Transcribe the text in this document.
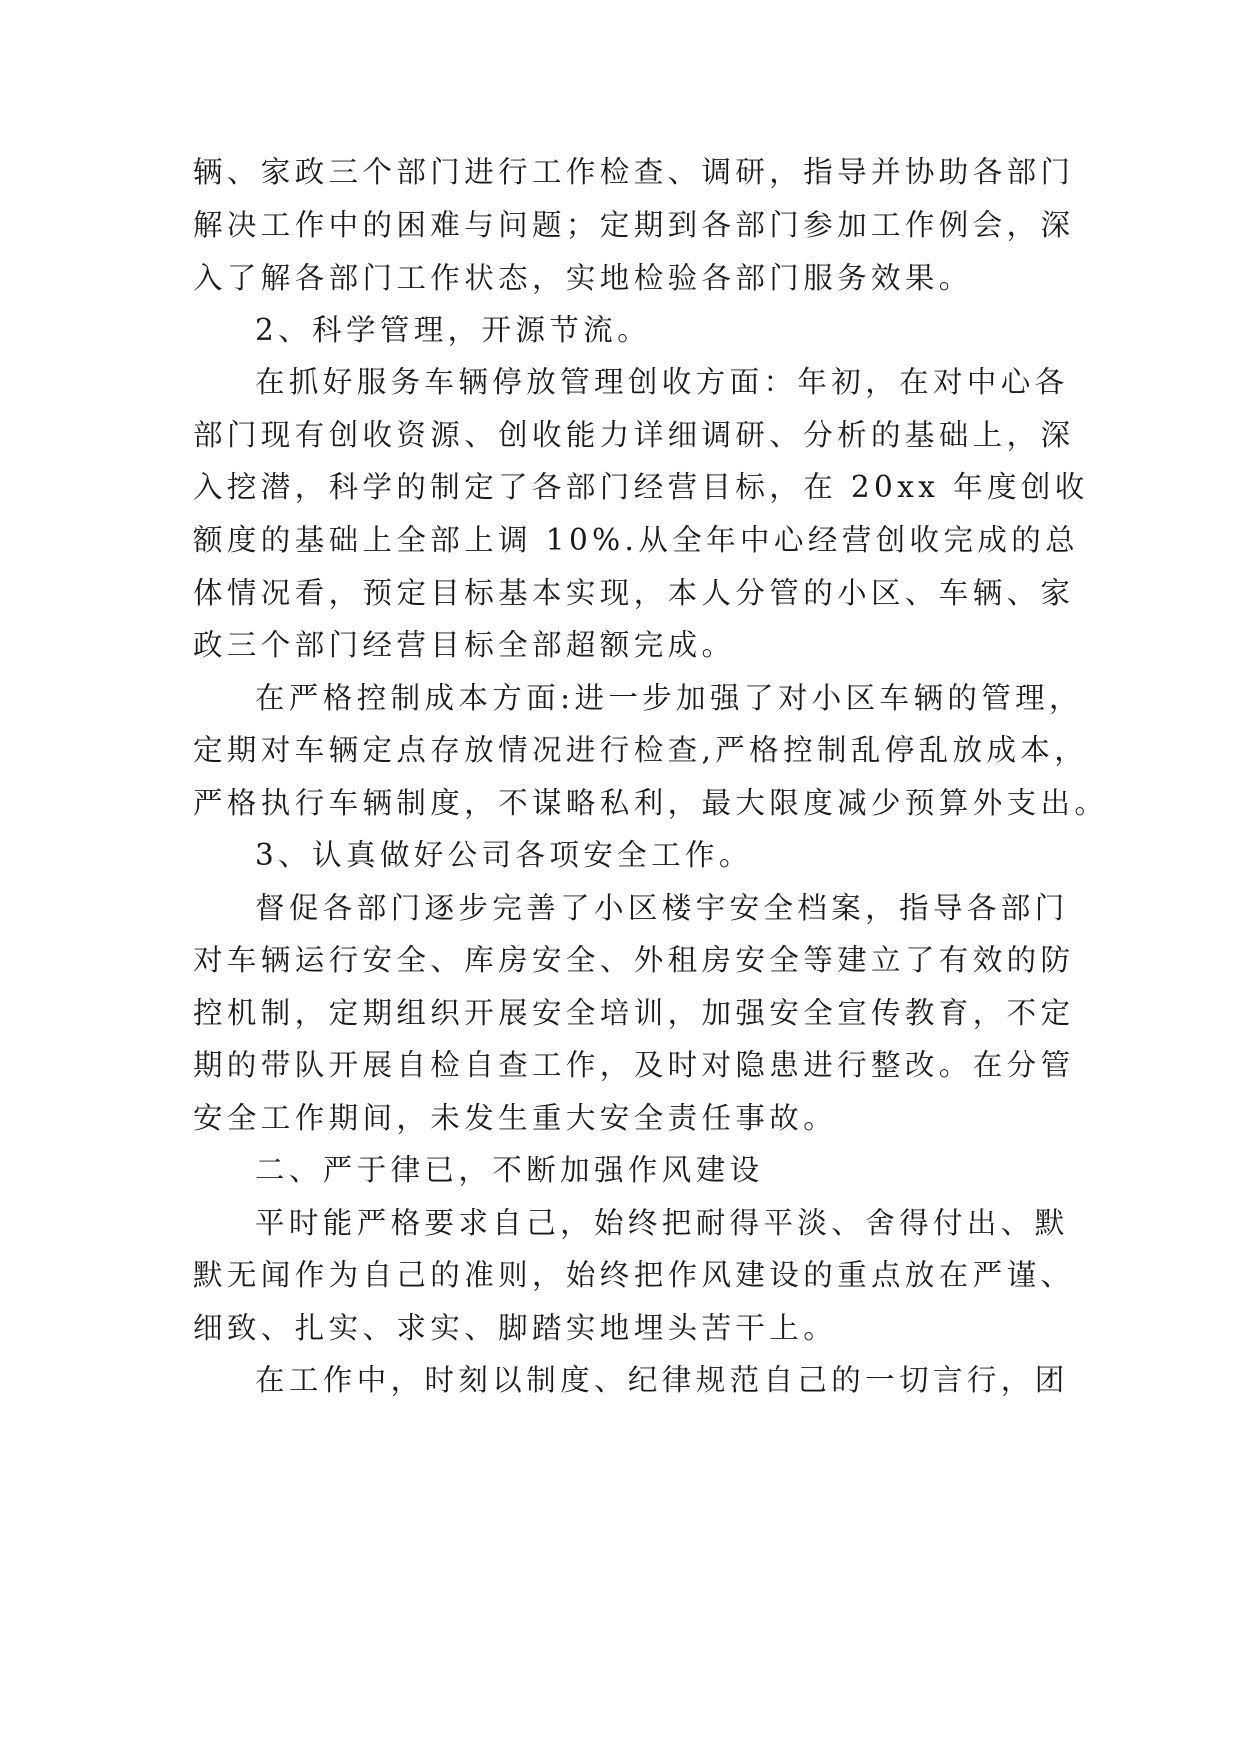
辆、家政三个部门进行工作检查、调研，指导并协助各部门
解决工作中的困难与问题；定期到各部门参加工作例会，深
入了解各部门工作状态，实地检验各部门服务效果。
2、科学管理，开源节流。
在抓好服务车辆停放管理创收方面：年初，在对中心各
部门现有创收资源、创收能力详细调研、分析的基础上，深
入挖潜，科学的制定了各部门经营目标，在 20xx 年度创收
额度的基础上全部上调 10%.从全年中心经营创收完成的总
体情况看，预定目标基本实现，本人分管的小区、车辆、家
政三个部门经营目标全部超额完成。
在严格控制成本方面:进一步加强了对小区车辆的管理，
定期对车辆定点存放情况进行检查,严格控制乱停乱放成本，
严格执行车辆制度，不谋略私利，最大限度减少预算外支出。
3、认真做好公司各项安全工作。
督促各部门逐步完善了小区楼宇安全档案，指导各部门
对车辆运行安全、库房安全、外租房安全等建立了有效的防
控机制，定期组织开展安全培训，加强安全宣传教育，不定
期的带队开展自检自查工作，及时对隐患进行整改。在分管
安全工作期间，未发生重大安全责任事故。
二、严于律已，不断加强作风建设
平时能严格要求自己，始终把耐得平淡、舍得付出、默
默无闻作为自己的准则，始终把作风建设的重点放在严谨、
细致、扎实、求实、脚踏实地埋头苦干上。
在工作中，时刻以制度、纪律规范自己的一切言行，团
